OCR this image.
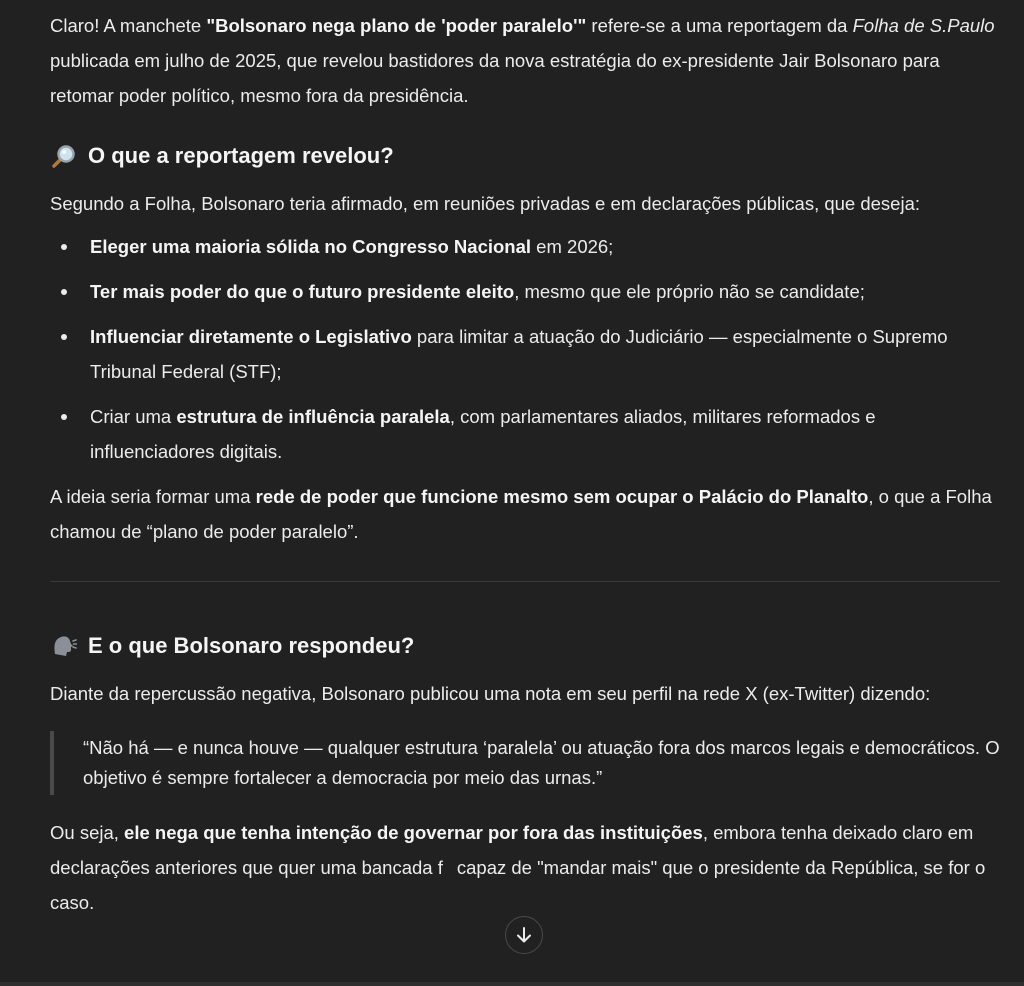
Claro! A manchete "Bolsonaro nega plano de 'poder paralelo'" refere-se a uma reportagem da Folha de S.Paulo publicada em julho de 2025, que revelou bastidores da nova estratégia do ex-presidente Jair Bolsonaro para retomar poder político, mesmo fora da presidência.

O que a reportagem revelou?

Segundo a Folha, Bolsonaro teria afirmado, em reuniões privadas e em declarações públicas, que deseja:

Eleger uma maioria sólida no Congresso Nacional em 2026;
Ter mais poder do que o futuro presidente eleito, mesmo que ele próprio não se candidate;
Influenciar diretamente o Legislativo para limitar a atuação do Judiciário — especialmente o Supremo Tribunal Federal (STF);
Criar uma estrutura de influência paralela, com parlamentares aliados, militares reformados e influenciadores digitais.

A ideia seria formar uma rede de poder que funcione mesmo sem ocupar o Palácio do Planalto, o que a Folha chamou de “plano de poder paralelo”.

E o que Bolsonaro respondeu?

Diante da repercussão negativa, Bolsonaro publicou uma nota em seu perfil na rede X (ex-Twitter) dizendo:

“Não há — e nunca houve — qualquer estrutura ‘paralela’ ou atuação fora dos marcos legais e democráticos. O objetivo é sempre fortalecer a democracia por meio das urnas.”

Ou seja, ele nega que tenha intenção de governar por fora das instituições, embora tenha deixado claro em declarações anteriores que quer uma bancada f capaz de "mandar mais" que o presidente da República, se for o caso.
